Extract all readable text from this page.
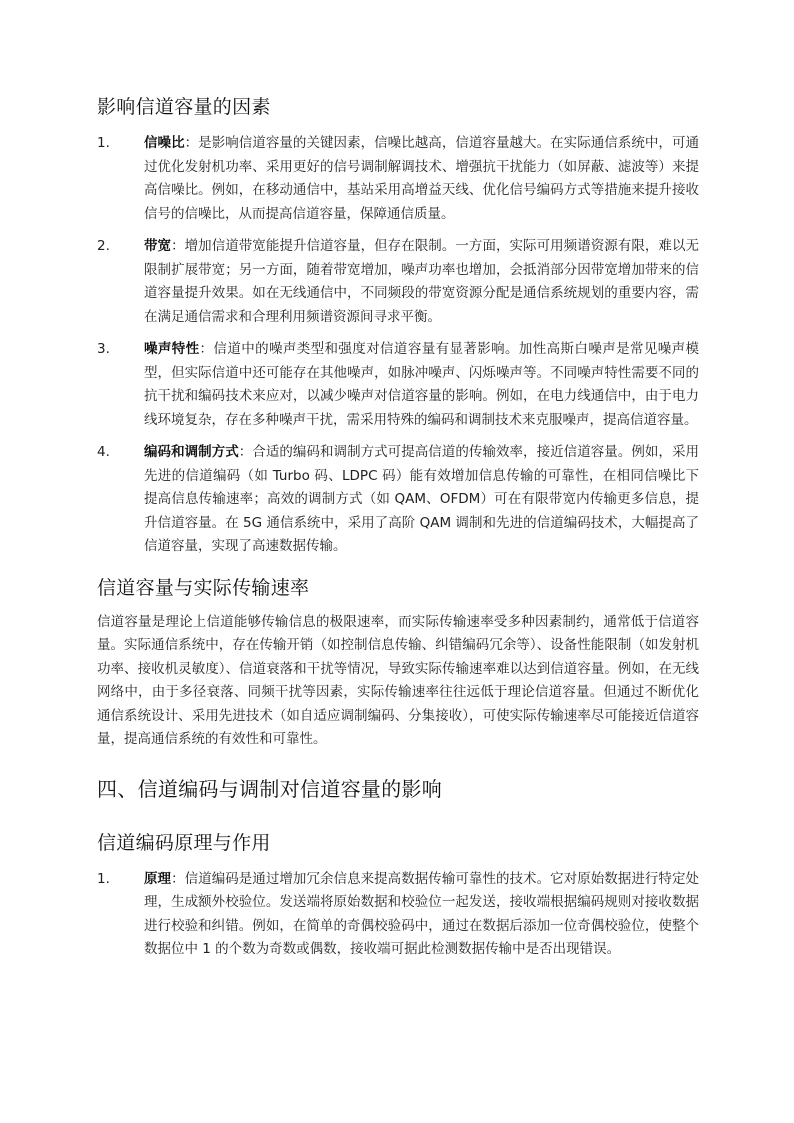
影响信道容量的因素
1.	信噪比：是影响信道容量的关键因素，信噪比越高，信道容量越大。在实际通信系统中，可通过优化发射机功率、采用更好的信号调制解调技术、增强抗干扰能力（如屏蔽、滤波等）来提高信噪比。例如，在移动通信中，基站采用高增益天线、优化信号编码方式等措施来提升接收信号的信噪比，从而提高信道容量，保障通信质量。
2.	带宽：增加信道带宽能提升信道容量，但存在限制。一方面，实际可用频谱资源有限，难以无限制扩展带宽；另一方面，随着带宽增加，噪声功率也增加，会抵消部分因带宽增加带来的信道容量提升效果。如在无线通信中，不同频段的带宽资源分配是通信系统规划的重要内容，需在满足通信需求和合理利用频谱资源间寻求平衡。
3.	噪声特性：信道中的噪声类型和强度对信道容量有显著影响。加性高斯白噪声是常见噪声模型，但实际信道中还可能存在其他噪声，如脉冲噪声、闪烁噪声等。不同噪声特性需要不同的抗干扰和编码技术来应对，以减少噪声对信道容量的影响。例如，在电力线通信中，由于电力线环境复杂，存在多种噪声干扰，需采用特殊的编码和调制技术来克服噪声，提高信道容量。
4.	编码和调制方式：合适的编码和调制方式可提高信道的传输效率，接近信道容量。例如，采用先进的信道编码（如 Turbo 码、LDPC 码）能有效增加信息传输的可靠性，在相同信噪比下提高信息传输速率；高效的调制方式（如 QAM、OFDM）可在有限带宽内传输更多信息，提升信道容量。在 5G 通信系统中，采用了高阶 QAM 调制和先进的信道编码技术，大幅提高了信道容量，实现了高速数据传输。
信道容量与实际传输速率

信道容量是理论上信道能够传输信息的极限速率，而实际传输速率受多种因素制约，通常低于信道容量。实际通信系统中，存在传输开销（如控制信息传输、纠错编码冗余等）、设备性能限制（如发射机功率、接收机灵敏度）、信道衰落和干扰等情况，导致实际传输速率难以达到信道容量。例如，在无线网络中，由于多径衰落、同频干扰等因素，实际传输速率往往远低于理论信道容量。但通过不断优化通信系统设计、采用先进技术（如自适应调制编码、分集接收），可使实际传输速率尽可能接近信道容量，提高通信系统的有效性和可靠性。

四、信道编码与调制对信道容量的影响
信道编码原理与作用
1.	原理：信道编码是通过增加冗余信息来提高数据传输可靠性的技术。它对原始数据进行特定处理，生成额外校验位。发送端将原始数据和校验位一起发送，接收端根据编码规则对接收数据进行校验和纠错。例如，在简单的奇偶校验码中，通过在数据后添加一位奇偶校验位，使整个数据位中 1 的个数为奇数或偶数，接收端可据此检测数据传输中是否出现错误。
